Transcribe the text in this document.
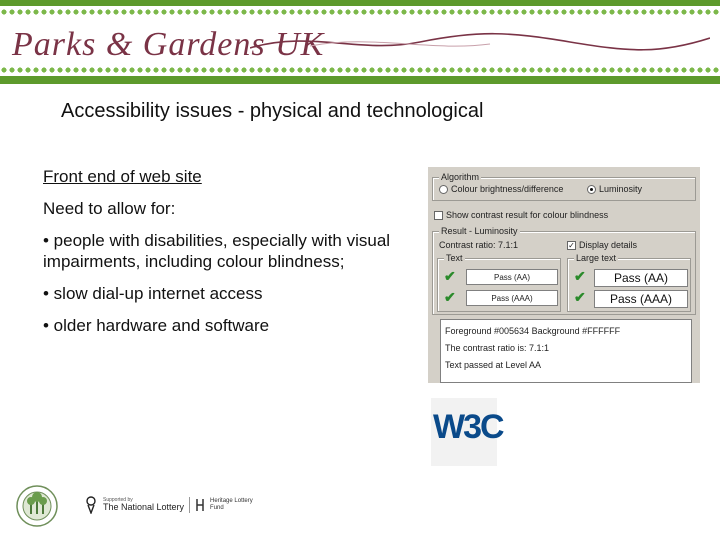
Parks & Gardens UK
Accessibility issues - physical and technological

Front end of web site

Need to allow for:

• people with disabilities, especially with visual impairments, including colour blindness;

• slow dial-up internet access

• older hardware and software

Algorithm
Colour brightness/difference	Luminosity
Show contrast result for colour blindness
Result - Luminosity
Contrast ratio: 7.1:1	✓ Display details
Text
✔	Pass (AA)
✔	Pass (AAA)
Large text
✔	Pass (AA)
✔	Pass (AAA)
Foreground #005634 Background #FFFFFF
The contrast ratio is: 7.1:1
Text passed at Level AA
W3C
Supported by
The National Lottery
Heritage Lottery Fund
